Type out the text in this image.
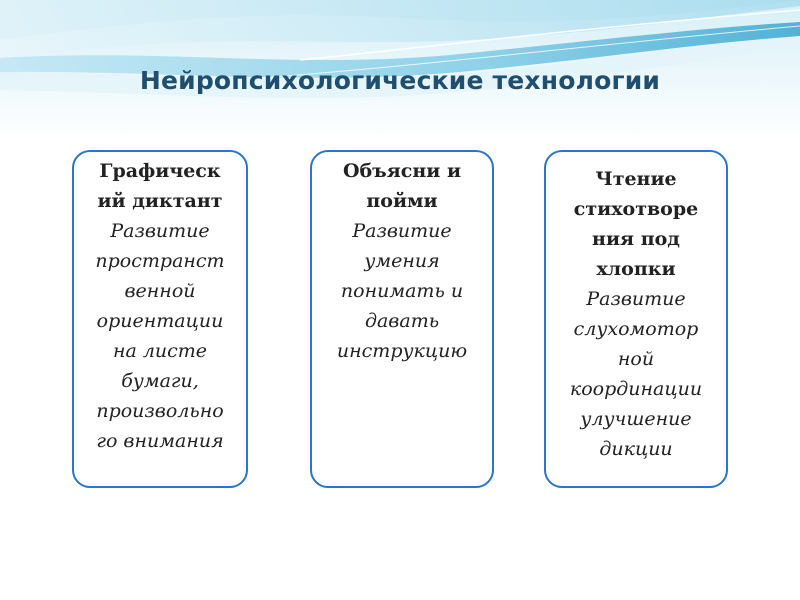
Нейропсихологические технологии
Графическ
ий диктант
Развитие
пространст
венной
ориентации
на листе
бумаги,
произвольно
го внимания
Объясни и
пойми
Развитие
умения
понимать и
давать
инструкцию
Чтение
стихотворе
ния под
хлопки
Развитие
слухомотор
ной
координации
улучшение
дикции
